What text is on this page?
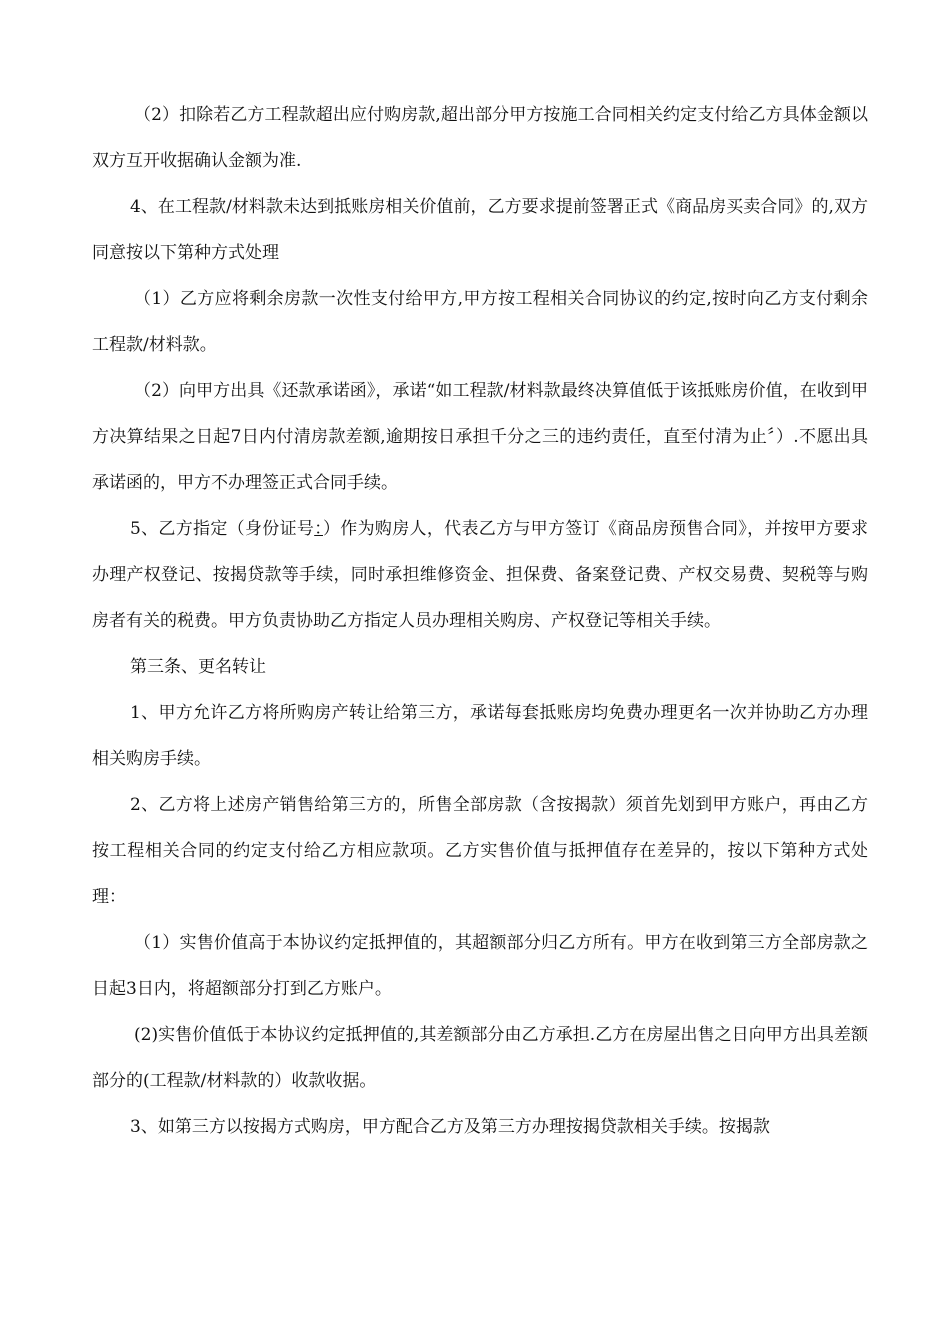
（2）扣除若乙方工程款超出应付购房款,超出部分甲方按施工合同相关约定支付给乙方具体金额以双方互开收据确认金额为准.

4、在工程款/材料款未达到抵账房相关价值前，乙方要求提前签署正式《商品房买卖合同》的,双方同意按以下第种方式处理

（1）乙方应将剩余房款一次性支付给甲方,甲方按工程相关合同协议的约定,按时向乙方支付剩余工程款/材料款。

（2）向甲方出具《还款承诺函》，承诺“如工程款/材料款最终决算值低于该抵账房价值，在收到甲方决算结果之日起7日内付清房款差额,逾期按日承担千分之三的违约责任，直至付清为止〞）.不愿出具承诺函的，甲方不办理签正式合同手续。

5、乙方指定（身份证号：）作为购房人，代表乙方与甲方签订《商品房预售合同》，并按甲方要求办理产权登记、按揭贷款等手续，同时承担维修资金、担保费、备案登记费、产权交易费、契税等与购房者有关的税费。甲方负责协助乙方指定人员办理相关购房、产权登记等相关手续。

第三条、更名转让

1、甲方允许乙方将所购房产转让给第三方，承诺每套抵账房均免费办理更名一次并协助乙方办理相关购房手续。

2、乙方将上述房产销售给第三方的，所售全部房款（含按揭款）须首先划到甲方账户，再由乙方按工程相关合同的约定支付给乙方相应款项。乙方实售价值与抵押值存在差异的，按以下第种方式处理：

（1）实售价值高于本协议约定抵押值的，其超额部分归乙方所有。甲方在收到第三方全部房款之日起3日内，将超额部分打到乙方账户。

(2)实售价值低于本协议约定抵押值的,其差额部分由乙方承担.乙方在房屋出售之日向甲方出具差额部分的(工程款/材料款的）收款收据。

3、如第三方以按揭方式购房，甲方配合乙方及第三方办理按揭贷款相关手续。按揭款
